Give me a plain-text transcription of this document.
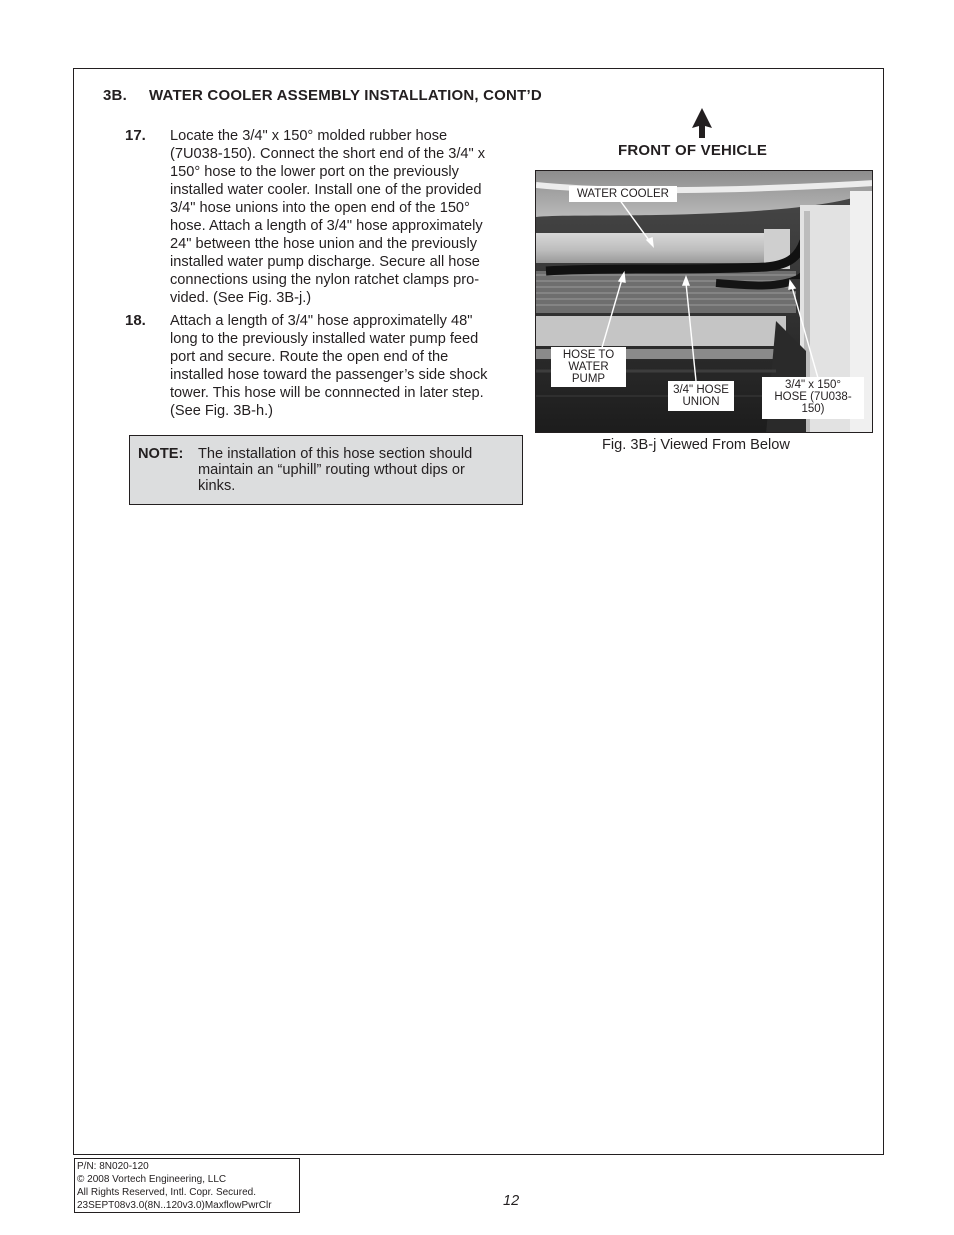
3B. WATER COOLER ASSEMBLY INSTALLATION, CONT’D
17. Locate the 3/4" x 150° molded rubber hose
(7U038-150). Connect the short end of the 3/4" x
150° hose to the lower port on the previously
installed water cooler. Install one of the provided
3/4" hose unions into the open end of the 150°
hose. Attach a length of 3/4" hose approximately
24" between tthe hose union and the previously
installed water pump discharge. Secure all hose
connections using the nylon ratchet clamps pro-
vided. (See Fig. 3B-j.)
18. Attach a length of 3/4" hose approximatelly 48"
long to the previously installed water pump feed
port and secure. Route the open end of the
installed hose toward the passenger’s side shock
tower. This hose will be connnected in later step.
(See Fig. 3B-h.)
NOTE: The installation of this hose section should
maintain an “uphill” routing wthout dips or
kinks.
FRONT OF VEHICLE
WATER COOLER
HOSE TO
WATER
PUMP
3/4" HOSE
UNION
3/4" x 150°
HOSE (7U038-
150)
Fig. 3B-j Viewed From Below
P/N: 8N020-120
© 2008 Vortech Engineering, LLC
All Rights Reserved, Intl. Copr. Secured.
23SEPT08v3.0(8N..120v3.0)MaxflowPwrClr	12
